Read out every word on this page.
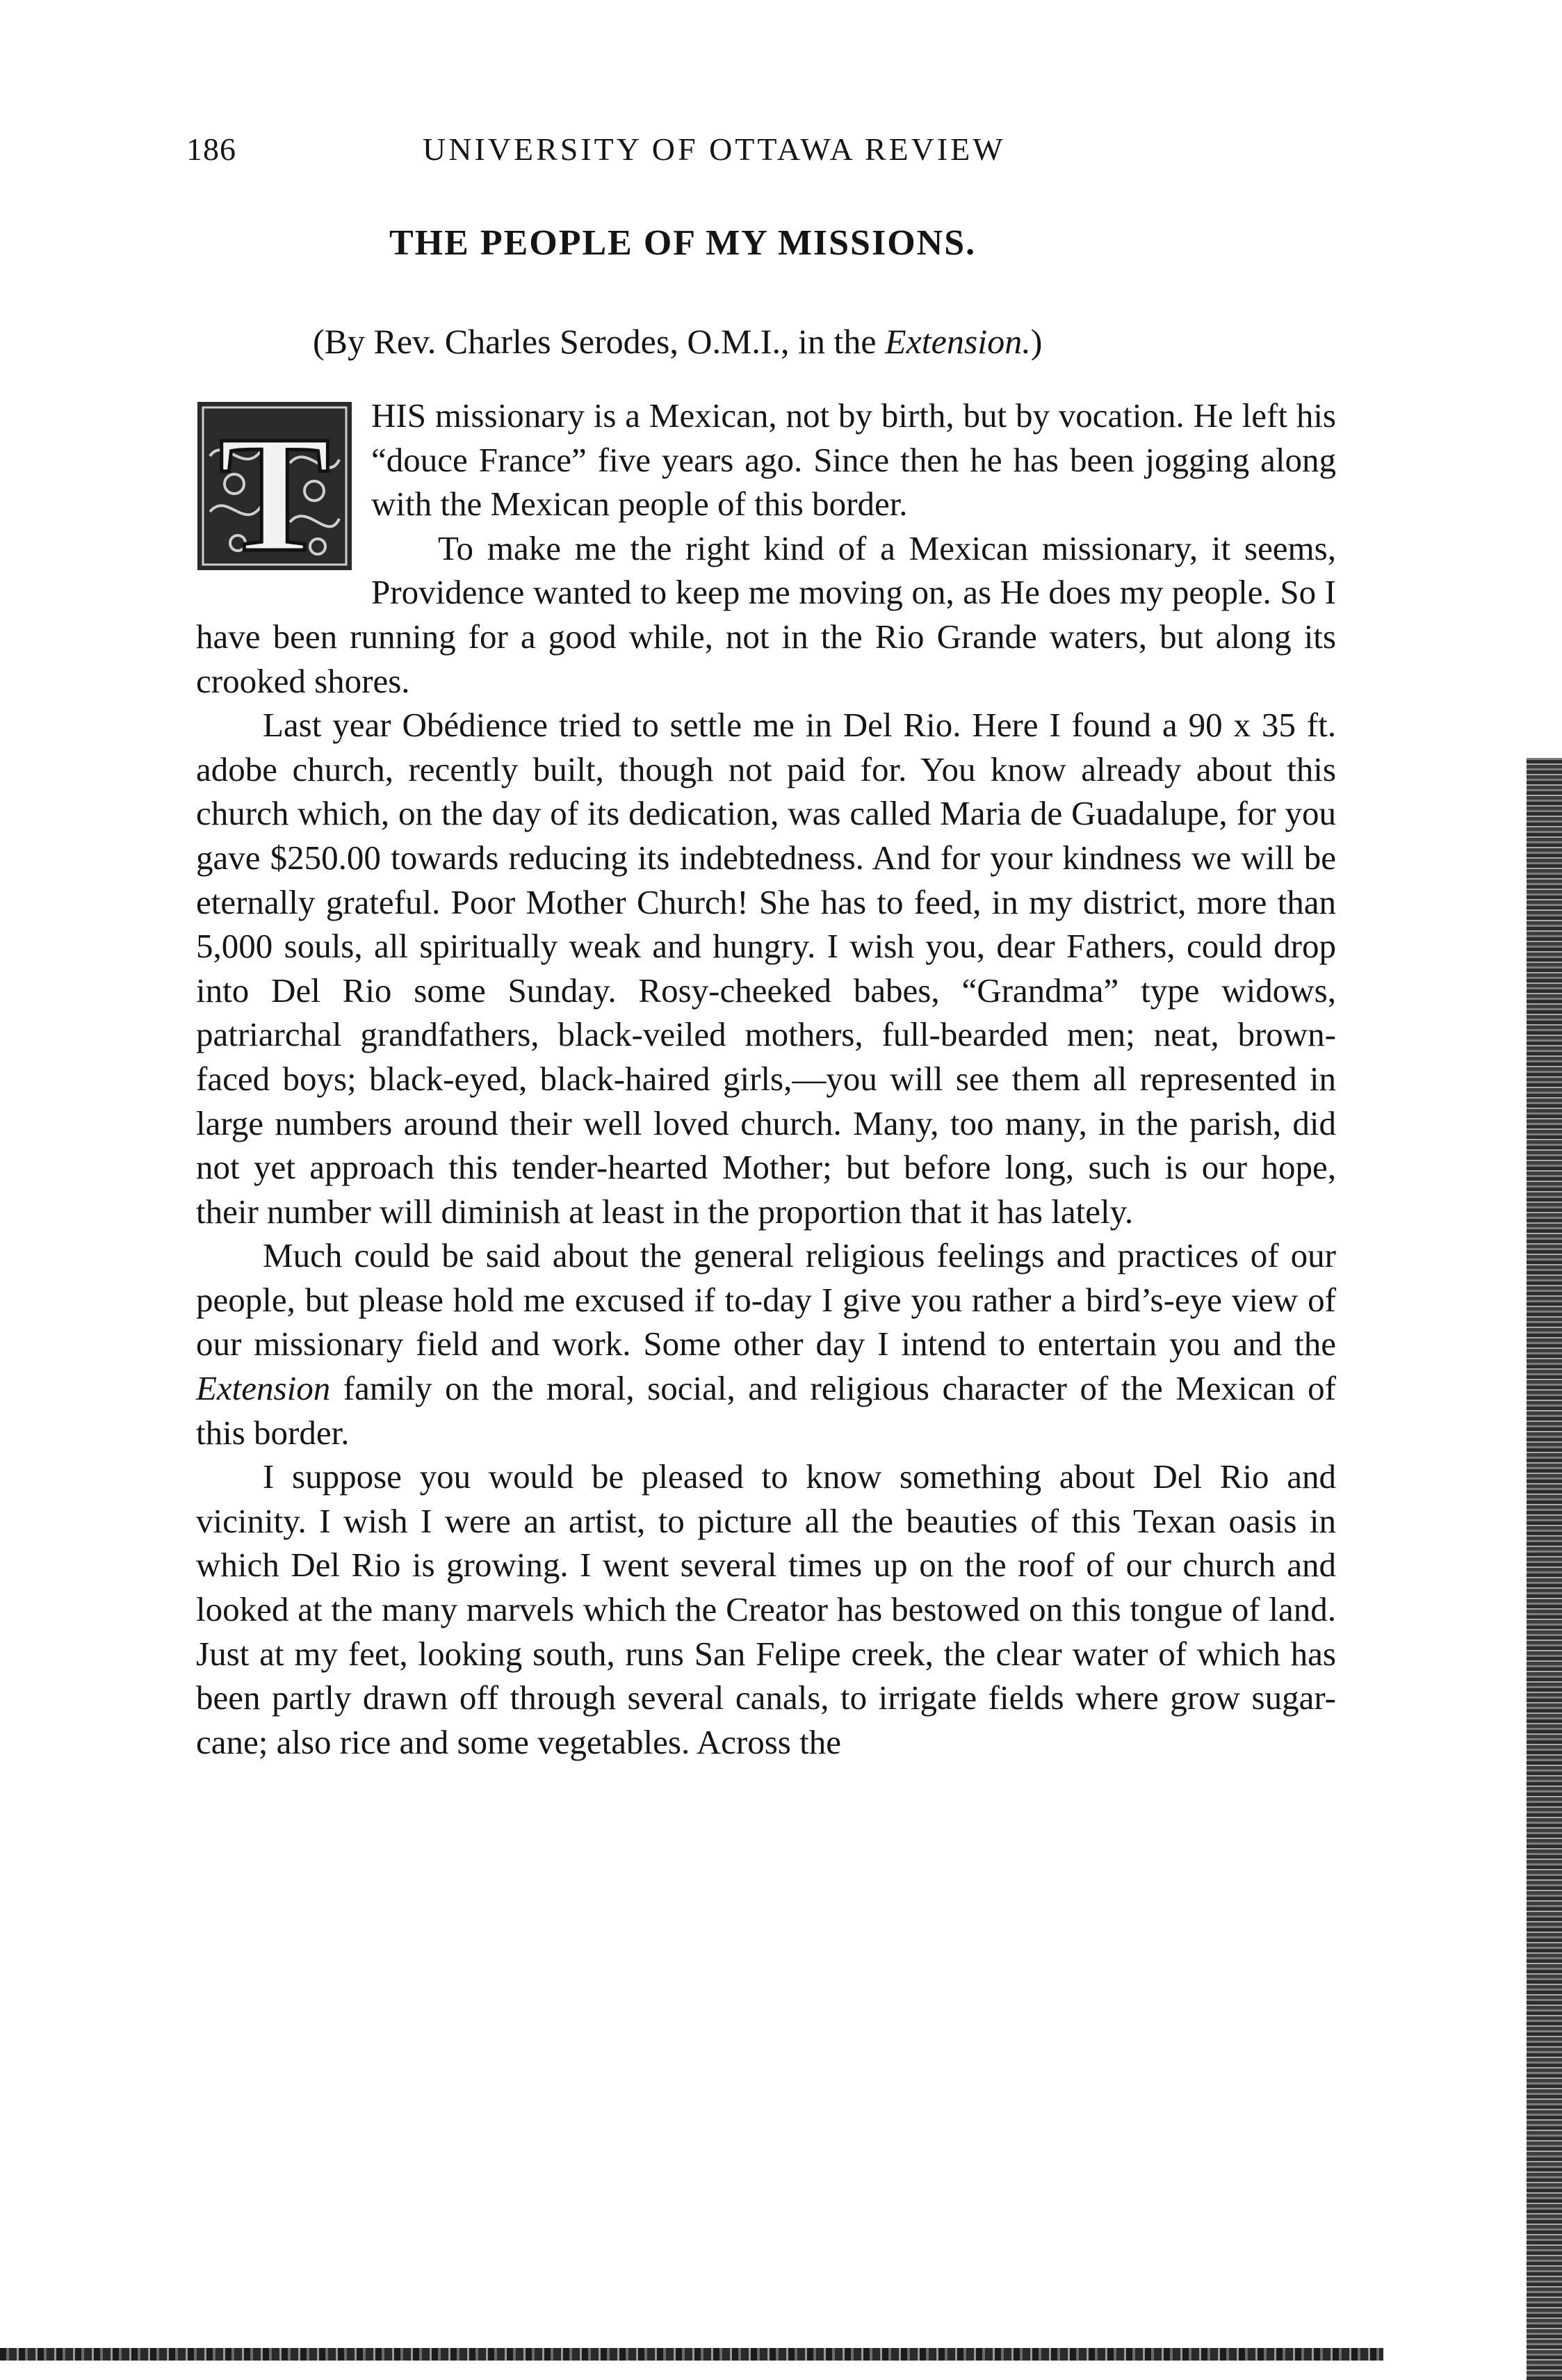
186	UNIVERSITY OF OTTAWA REVIEW
THE PEOPLE OF MY MISSIONS.
(By Rev. Charles Serodes, O.M.I., in the Extension.)
T	HIS missionary is a Mexican, not by birth, but by vocation. He left his “douce France” five years ago. Since then he has been jogging along with the Mexican people of this border.

To make me the right kind of a Mexican missionary, it seems, Providence wanted to keep me moving on, as He does my people. So I have been running for a good while, not in the Rio Grande waters, but along its crooked shores.

Last year Obédience tried to settle me in Del Rio. Here I found a 90 x 35 ft. adobe church, recently built, though not paid for. You know already about this church which, on the day of its dedication, was called Maria de Guadalupe, for you gave $250.00 towards reducing its indebtedness. And for your kindness we will be eternally grateful. Poor Mother Church! She has to feed, in my district, more than 5,000 souls, all spiritually weak and hungry. I wish you, dear Fathers, could drop into Del Rio some Sunday. Rosy-cheeked babes, “Grandma” type widows, patriarchal grandfathers, black-veiled mothers, full-bearded men; neat, brown-faced boys; black-eyed, black-haired girls,—you will see them all represented in large numbers around their well loved church. Many, too many, in the parish, did not yet approach this tender-hearted Mother; but before long, such is our hope, their number will diminish at least in the proportion that it has lately.

Much could be said about the general religious feelings and practices of our people, but please hold me excused if to-day I give you rather a bird’s-eye view of our missionary field and work. Some other day I intend to entertain you and the Extension family on the moral, social, and religious character of the Mexican of this border.

I suppose you would be pleased to know something about Del Rio and vicinity. I wish I were an artist, to picture all the beauties of this Texan oasis in which Del Rio is growing. I went several times up on the roof of our church and looked at the many marvels which the Creator has bestowed on this tongue of land. Just at my feet, looking south, runs San Felipe creek, the clear water of which has been partly drawn off through several canals, to irrigate fields where grow sugar-cane; also rice and some vegetables. Across the
